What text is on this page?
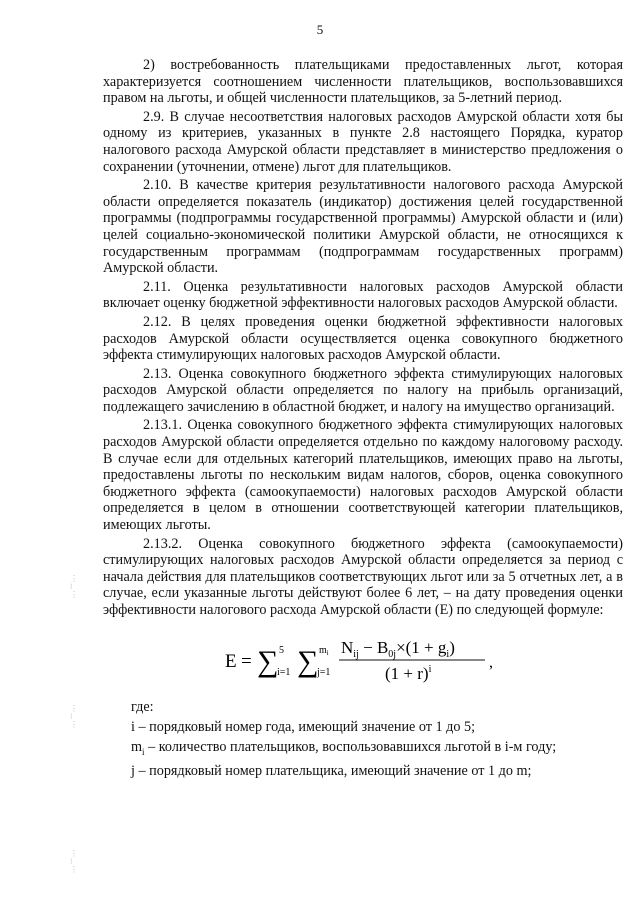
5

2) востребованность плательщиками предоставленных льгот, которая характеризуется соотношением численности плательщиков, воспользовавшихся правом на льготы, и общей численности плательщиков, за 5-летний период.

2.9. В случае несоответствия налоговых расходов Амурской области хотя бы одному из критериев, указанных в пункте 2.8 настоящего Порядка, куратор налогового расхода Амурской области представляет в министерство предложения о сохранении (уточнении, отмене) льгот для плательщиков.

2.10. В качестве критерия результативности налогового расхода Амурской области определяется показатель (индикатор) достижения целей государственной программы (подпрограммы государственной программы) Амурской области и (или) целей социально-экономической политики Амурской области, не относящихся к государственным программам (подпрограммам государственных программ) Амурской области.

2.11. Оценка результативности налоговых расходов Амурской области включает оценку бюджетной эффективности налоговых расходов Амурской области.

2.12. В целях проведения оценки бюджетной эффективности налоговых расходов Амурской области осуществляется оценка совокупного бюджетного эффекта стимулирующих налоговых расходов Амурской области.

2.13. Оценка совокупного бюджетного эффекта стимулирующих налоговых расходов Амурской области определяется по налогу на прибыль организаций, подлежащего зачислению в областной бюджет, и налогу на имущество организаций.

2.13.1. Оценка совокупного бюджетного эффекта стимулирующих налоговых расходов Амурской области определяется отдельно по каждому налоговому расходу. В случае если для отдельных категорий плательщиков, имеющих право на льготы, предоставлены льготы по нескольким видам налогов, сборов, оценка совокупного бюджетного эффекта (самоокупаемости) налоговых расходов Амурской области определяется в целом в отношении соответствующей категории плательщиков, имеющих льготы.

2.13.2. Оценка совокупного бюджетного эффекта (самоокупаемости) стимулирующих налоговых расходов Амурской области определяется за период с начала действия для плательщиков соответствующих льгот или за 5 отчетных лет, а в случае, если указанные льготы действуют более 6 лет, – на дату проведения оценки эффективности налогового расхода Амурской области (E) по следующей формуле:

E = ∑ 5
i=1 ∑ $m_i$
j=1
$N_{ij} - B_{0j}\times(1 + g_i)$
$(1 + r)^i$	,

где:

i – порядковый номер года, имеющий значение от 1 до 5;

$m_i$ – количество плательщиков, воспользовавшихся льготой в i-м году;

j – порядковый номер плательщика, имеющий значение от 1 до m;

⋮
⁝
⋮
⋮
⁝
⋮
⋮
⁝
⋮
